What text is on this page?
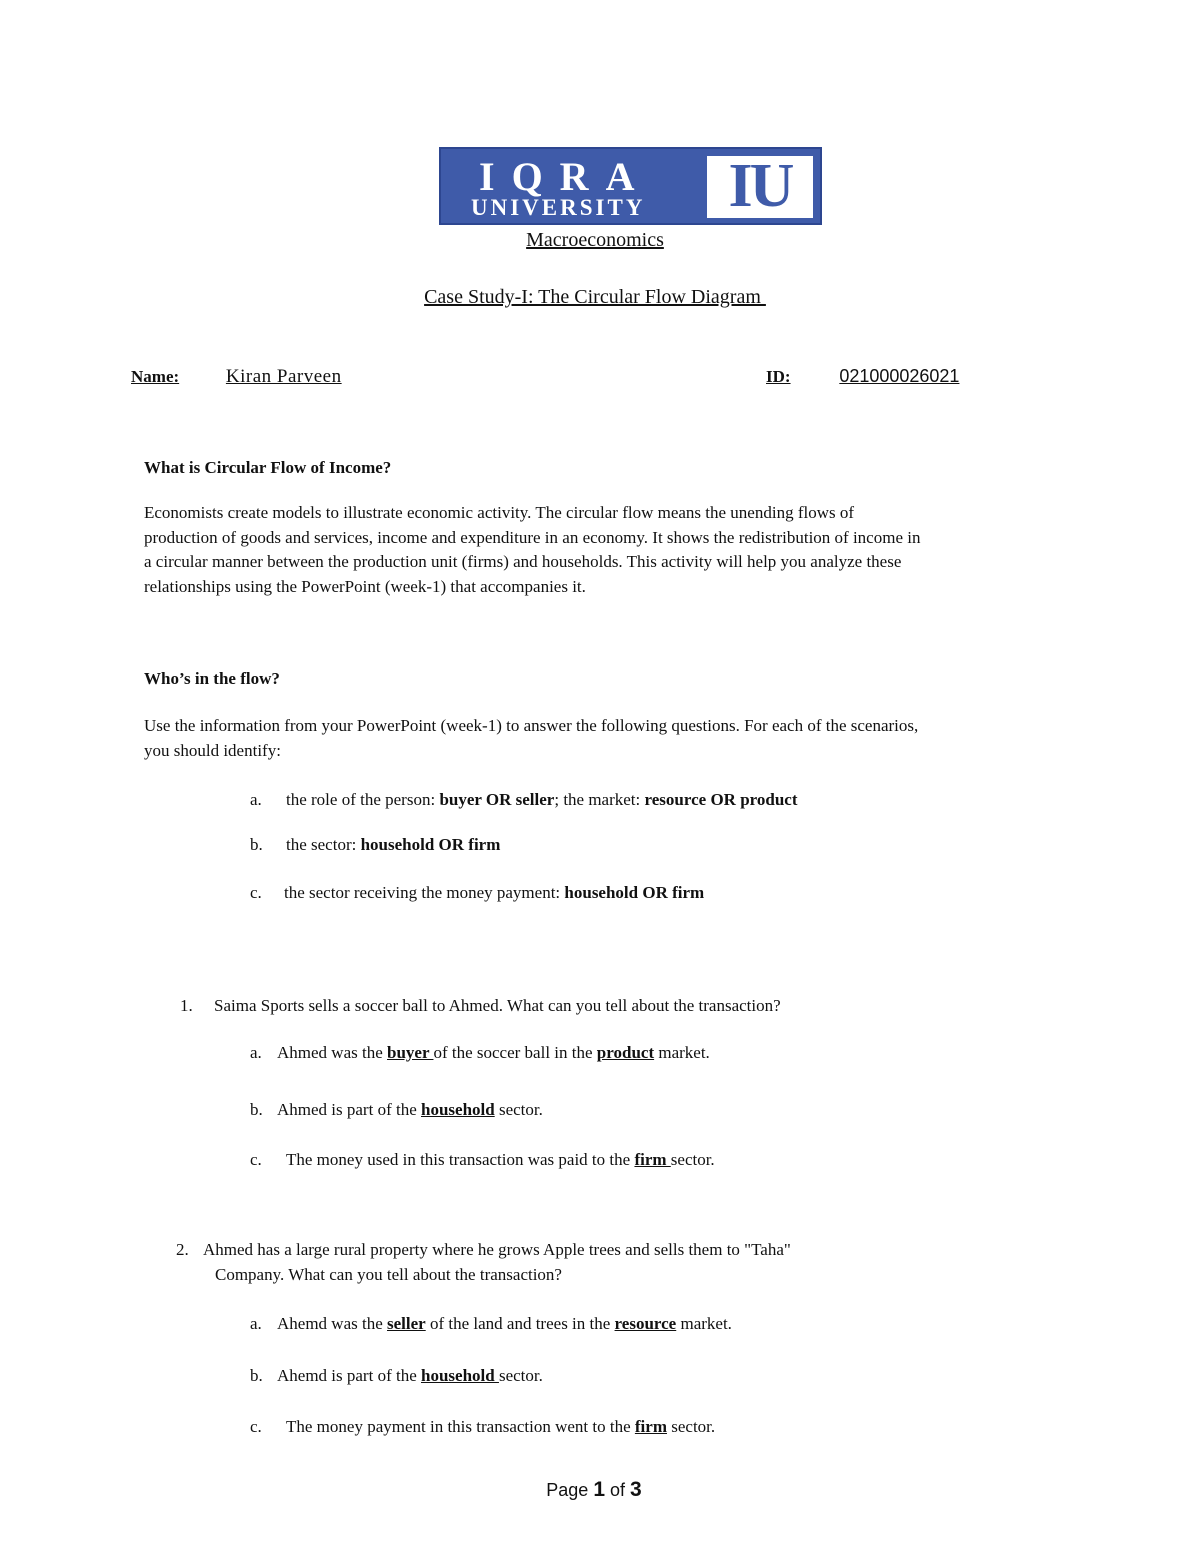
IQRA
UNIVERSITY	IU
Macroeconomics
Case Study-I: The Circular Flow Diagram
Name: Kiran Parveen	ID:	021000026021
What is Circular Flow of Income?
Economists create models to illustrate economic activity. The circular flow means the unending flows of
production of goods and services, income and expenditure in an economy. It shows the redistribution of income in
a circular manner between the production unit (firms) and households. This activity will help you analyze these
relationships using the PowerPoint (week-1) that accompanies it.
Who’s in the flow?
Use the information from your PowerPoint (week-1) to answer the following questions. For each of the scenarios,
you should identify:
a. the role of the person: buyer OR seller; the market: resource OR product
b. the sector: household OR firm
c. the sector receiving the money payment: household OR firm
1. Saima Sports sells a soccer ball to Ahmed. What can you tell about the transaction?
a. Ahmed was the buyer of the soccer ball in the product market.
b. Ahmed is part of the household sector.
c. The money used in this transaction was paid to the firm sector.
2. Ahmed has a large rural property where he grows Apple trees and sells them to "Taha"
Company. What can you tell about the transaction?
a. Ahemd was the seller of the land and trees in the resource market.
b. Ahemd is part of the household sector.
c. The money payment in this transaction went to the firm sector.
Page 1 of 3
